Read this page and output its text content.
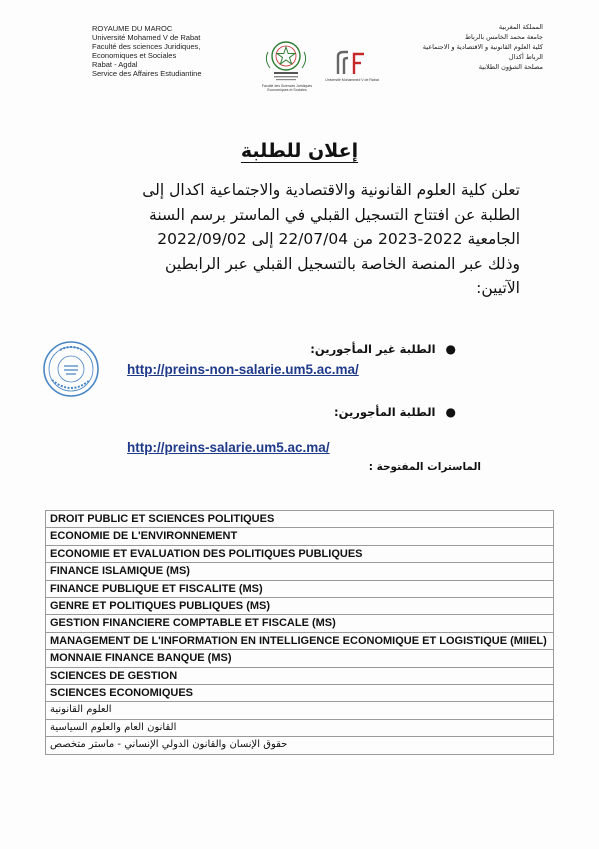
ROYAUME DU MAROC
Université Mohamed V de Rabat
Faculté des sciences Juridiques,
Economiques et Sociales
Rabat - Agdal
Service des Affaires Estudiantine
Faculté des Sciences Juridiques Economiques et Sociales
Université Mohammed V de Rabat
المملكة المغربية
جامعة محمد الخامس بالرباط
كلية العلوم القانونية و الاقتصادية و الاجتماعية
الرباط أكدال
مصلحة الشؤون الطلابية
إعلان للطلبة
تعلن كلية العلوم القانونية والاقتصادية والاجتماعية اكدال إلى
الطلبة عن افتتاح التسجيل القبلي في الماستر برسم السنة
الجامعية 2022-2023 من 22/07/04 إلى 2022/09/02
وذلك عبر المنصة الخاصة بالتسجيل القبلي عبر الرابطين
الآتيين:
●الطلبة غير المأجورين:
http://preins-non-salarie.um5.ac.ma/
●الطلبة المأجورين:
http://preins-salarie.um5.ac.ma/
الماسترات المفتوحة :
DROIT PUBLIC ET SCIENCES POLITIQUES
ECONOMIE DE L'ENVIRONNEMENT
ECONOMIE ET EVALUATION DES POLITIQUES PUBLIQUES
FINANCE ISLAMIQUE (MS)
FINANCE PUBLIQUE ET FISCALITE (MS)
GENRE ET POLITIQUES PUBLIQUES (MS)
GESTION FINANCIERE COMPTABLE ET FISCALE (MS)
MANAGEMENT DE L'INFORMATION EN INTELLIGENCE ECONOMIQUE ET LOGISTIQUE (MIIEL)
MONNAIE FINANCE BANQUE (MS)
SCIENCES DE GESTION
SCIENCES ECONOMIQUES
العلوم القانونية
القانون العام والعلوم السياسية
حقوق الإنسان والقانون الدولي الإنساني - ماستر متخصص
